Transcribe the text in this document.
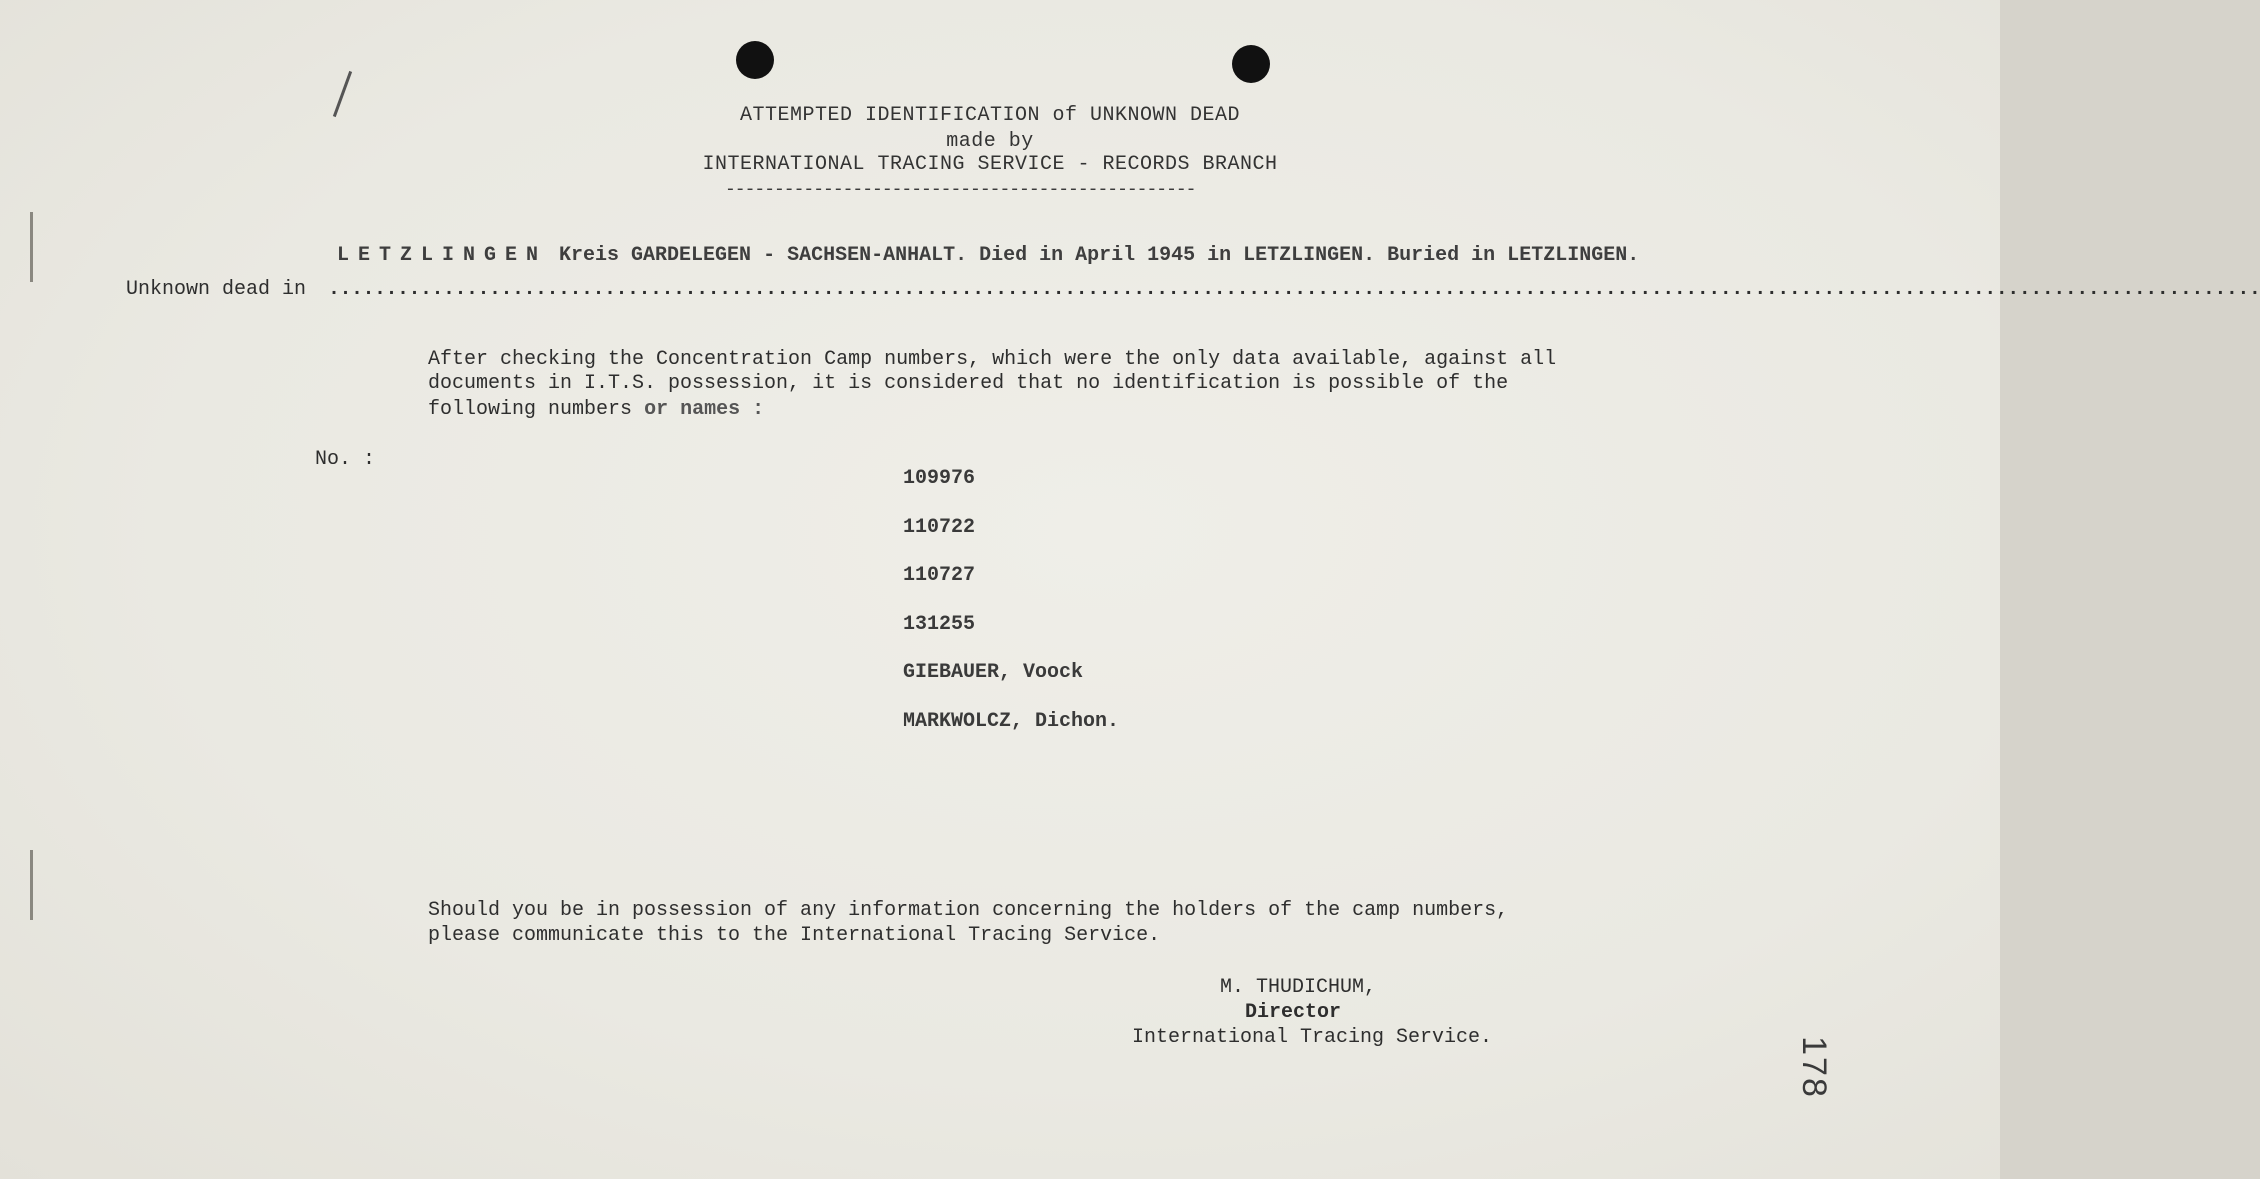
ATTEMPTED IDENTIFICATION of UNKNOWN DEAD
made by
INTERNATIONAL TRACING SERVICE - RECORDS BRANCH
------------------------------------------------
LETZLINGEN Kreis GARDELEGEN - SACHSEN-ANHALT. Died in April 1945 in LETZLINGEN. Buried in LETZLINGEN.
Unknown dead in ........................................................................................................................................................................
After checking the Concentration Camp numbers, which were the only data available, against all
documents in I.T.S. possession, it is considered that no identification is possible of the
following numbers or names :
No. :
109976
110722
110727
131255
GIEBAUER, Voock
MARKWOLCZ, Dichon.
Should you be in possession of any information concerning the holders of the camp numbers,
please communicate this to the International Tracing Service.
M. THUDICHUM,
Director
International Tracing Service.	178
